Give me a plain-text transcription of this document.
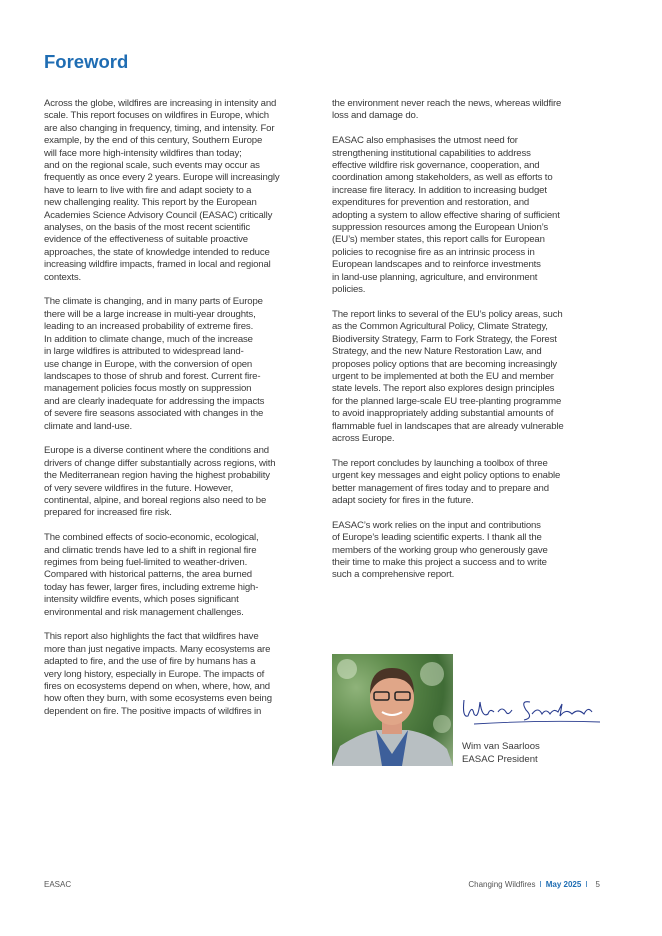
Foreword

Across the globe, wildfires are increasing in intensity and
scale. This report focuses on wildfires in Europe, which
are also changing in frequency, timing, and intensity. For
example, by the end of this century, Southern Europe
will face more high-intensity wildfires than today;
and on the regional scale, such events may occur as
frequently as once every 2 years. Europe will increasingly
have to learn to live with fire and adapt society to a
new challenging reality. This report by the European
Academies Science Advisory Council (EASAC) critically
analyses, on the basis of the most recent scientific
evidence of the effectiveness of suitable proactive
approaches, the state of knowledge intended to reduce
increasing wildfire impacts, framed in local and regional
contexts.

The climate is changing, and in many parts of Europe
there will be a large increase in multi-year droughts,
leading to an increased probability of extreme fires.
In addition to climate change, much of the increase
in large wildfires is attributed to widespread land-
use change in Europe, with the conversion of open
landscapes to those of shrub and forest. Current fire-
management policies focus mostly on suppression
and are clearly inadequate for addressing the impacts
of severe fire seasons associated with changes in the
climate and land-use.

Europe is a diverse continent where the conditions and
drivers of change differ substantially across regions, with
the Mediterranean region having the highest probability
of very severe wildfires in the future. However,
continental, alpine, and boreal regions also need to be
prepared for increased fire risk.

The combined effects of socio-economic, ecological,
and climatic trends have led to a shift in regional fire
regimes from being fuel-limited to weather-driven.
Compared with historical patterns, the area burned
today has fewer, larger fires, including extreme high-
intensity wildfire events, which poses significant
environmental and risk management challenges.

This report also highlights the fact that wildfires have
more than just negative impacts. Many ecosystems are
adapted to fire, and the use of fire by humans has a
very long history, especially in Europe. The impacts of
fires on ecosystems depend on when, where, how, and
how often they burn, with some ecosystems even being
dependent on fire. The positive impacts of wildfires in

the environment never reach the news, whereas wildfire
loss and damage do.

EASAC also emphasises the utmost need for
strengthening institutional capabilities to address
effective wildfire risk governance, cooperation, and
coordination among stakeholders, as well as efforts to
increase fire literacy. In addition to increasing budget
expenditures for prevention and restoration, and
adopting a system to allow effective sharing of sufficient
suppression resources among the European Union’s
(EU’s) member states, this report calls for European
policies to recognise fire as an intrinsic process in
European landscapes and to reinforce investments
in land-use planning, agriculture, and environment
policies.

The report links to several of the EU’s policy areas, such
as the Common Agricultural Policy, Climate Strategy,
Biodiversity Strategy, Farm to Fork Strategy, the Forest
Strategy, and the new Nature Restoration Law, and
proposes policy options that are becoming increasingly
urgent to be implemented at both the EU and member
state levels. The report also explores design principles
for the planned large-scale EU tree-planting programme
to avoid inappropriately adding substantial amounts of
flammable fuel in landscapes that are already vulnerable
across Europe.

The report concludes by launching a toolbox of three
urgent key messages and eight policy options to enable
better management of fires today and to prepare and
adapt society for fires in the future.

EASAC’s work relies on the input and contributions
of Europe’s leading scientific experts. I thank all the
members of the working group who generously gave
their time to make this project a success and to write
such a comprehensive report.

Wim van Saarloos
EASAC President
EASAC	Changing Wildfires I May 2025 I 5
